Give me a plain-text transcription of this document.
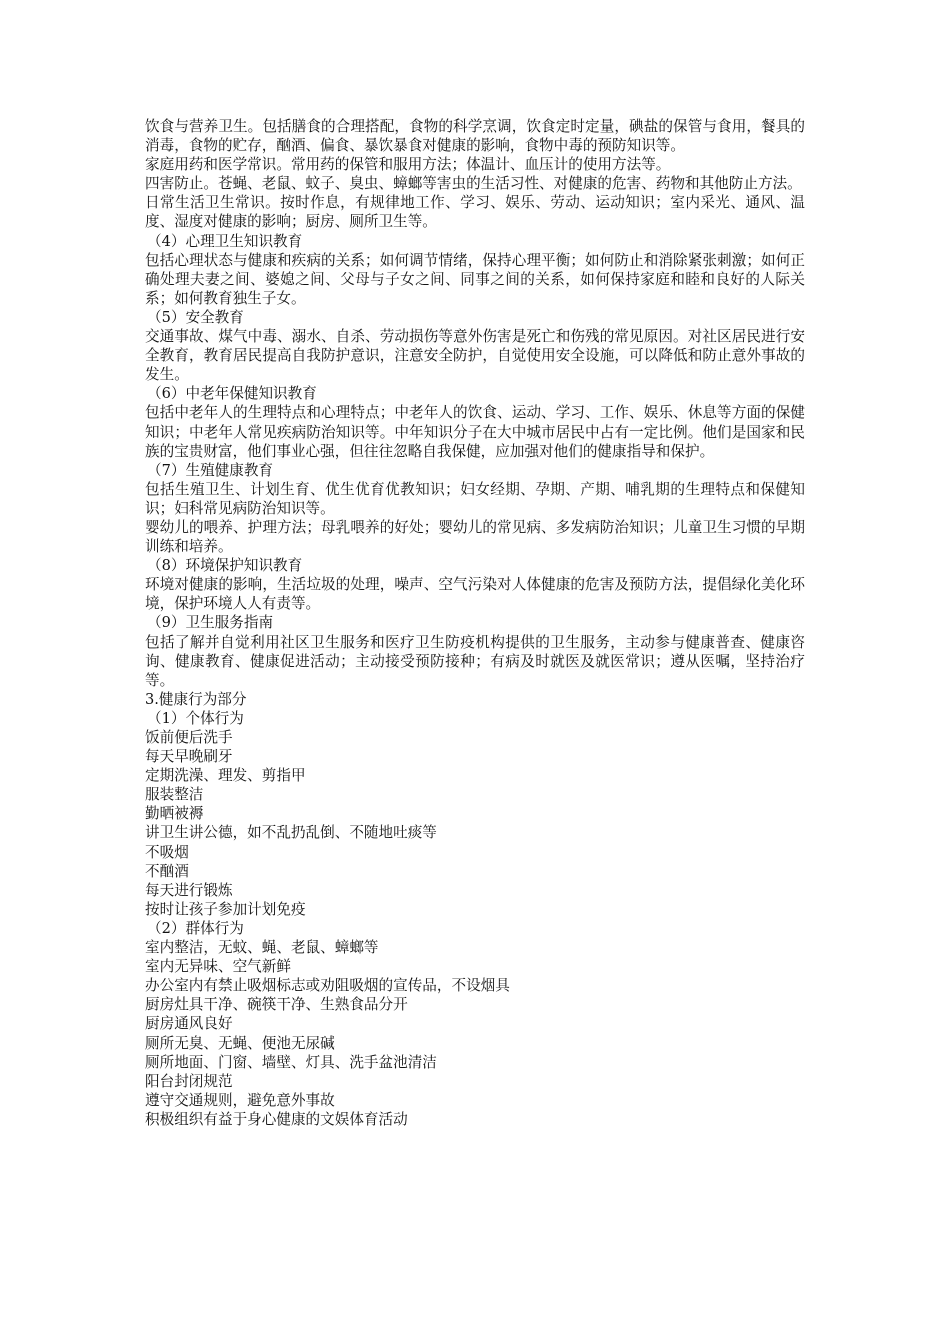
饮食与营养卫生。包括膳食的合理搭配，食物的科学烹调，饮食定时定量，碘盐的保管与食用，餐具的消毒，食物的贮存，酗酒、偏食、暴饮暴食对健康的影响，食物中毒的预防知识等。

家庭用药和医学常识。常用药的保管和服用方法；体温计、血压计的使用方法等。

四害防止。苍蝇、老鼠、蚊子、臭虫、蟑螂等害虫的生活习性、对健康的危害、药物和其他防止方法。

日常生活卫生常识。按时作息，有规律地工作、学习、娱乐、劳动、运动知识；室内采光、通风、温度、湿度对健康的影响；厨房、厕所卫生等。

（4）心理卫生知识教育

包括心理状态与健康和疾病的关系；如何调节情绪，保持心理平衡；如何防止和消除紧张刺激；如何正确处理夫妻之间、婆媳之间、父母与子女之间、同事之间的关系，如何保持家庭和睦和良好的人际关系；如何教育独生子女。

（5）安全教育

交通事故、煤气中毒、溺水、自杀、劳动损伤等意外伤害是死亡和伤残的常见原因。对社区居民进行安全教育，教育居民提高自我防护意识，注意安全防护，自觉使用安全设施，可以降低和防止意外事故的发生。

（6）中老年保健知识教育

包括中老年人的生理特点和心理特点；中老年人的饮食、运动、学习、工作、娱乐、休息等方面的保健知识；中老年人常见疾病防治知识等。中年知识分子在大中城市居民中占有一定比例。他们是国家和民族的宝贵财富，他们事业心强，但往往忽略自我保健，应加强对他们的健康指导和保护。

（7）生殖健康教育

包括生殖卫生、计划生育、优生优育优教知识；妇女经期、孕期、产期、哺乳期的生理特点和保健知识；妇科常见病防治知识等。

婴幼儿的喂养、护理方法；母乳喂养的好处；婴幼儿的常见病、多发病防治知识；儿童卫生习惯的早期训练和培养。

（8）环境保护知识教育

环境对健康的影响，生活垃圾的处理，噪声、空气污染对人体健康的危害及预防方法，提倡绿化美化环境，保护环境人人有责等。

（9）卫生服务指南

包括了解并自觉利用社区卫生服务和医疗卫生防疫机构提供的卫生服务，主动参与健康普查、健康咨询、健康教育、健康促进活动；主动接受预防接种；有病及时就医及就医常识；遵从医嘱，坚持治疗等。

3.健康行为部分

（1）个体行为

饭前便后洗手

每天早晚刷牙

定期洗澡、理发、剪指甲

服装整洁

勤晒被褥

讲卫生讲公德，如不乱扔乱倒、不随地吐痰等

不吸烟

不酗酒

每天进行锻炼

按时让孩子参加计划免疫

（2）群体行为

室内整洁，无蚊、蝇、老鼠、蟑螂等

室内无异味、空气新鲜

办公室内有禁止吸烟标志或劝阻吸烟的宣传品，不设烟具

厨房灶具干净、碗筷干净、生熟食品分开

厨房通风良好

厕所无臭、无蝇、便池无尿碱

厕所地面、门窗、墙壁、灯具、洗手盆池清洁

阳台封闭规范

遵守交通规则，避免意外事故

积极组织有益于身心健康的文娱体育活动
